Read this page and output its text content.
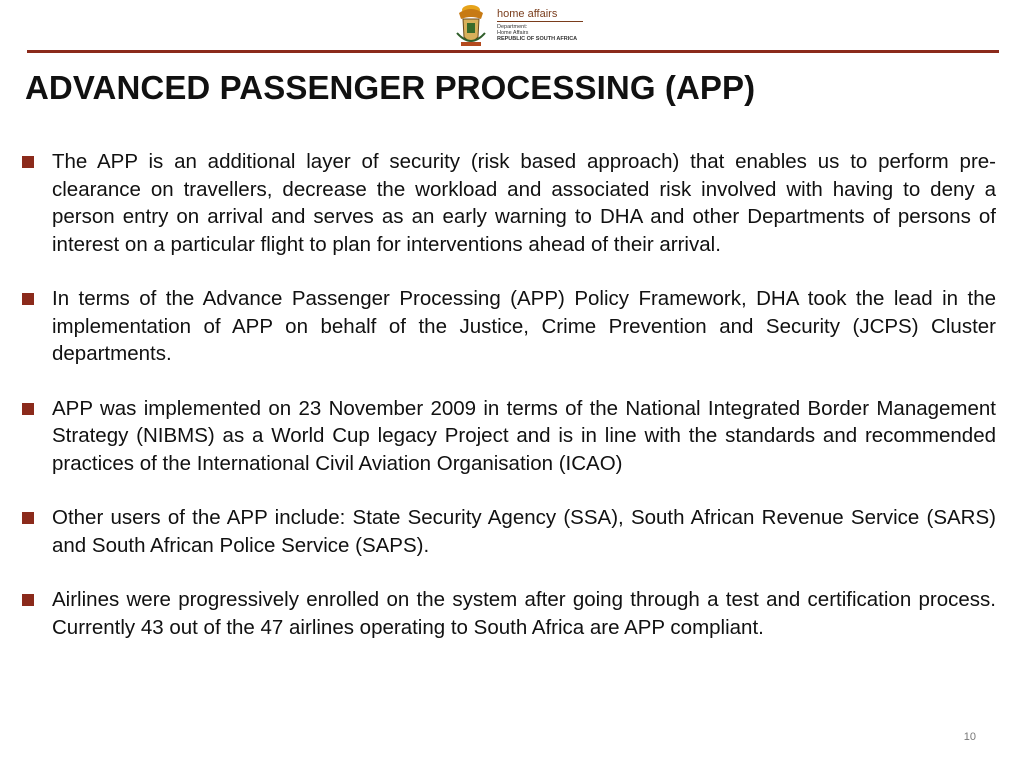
home affairs
Department:
Home Affairs
REPUBLIC OF SOUTH AFRICA
ADVANCED PASSENGER PROCESSING (APP)
The APP is an additional layer of security (risk based approach) that enables us to perform pre-clearance on travellers, decrease the workload and associated risk involved with having to deny a person entry on arrival and serves as an early warning to DHA and other Departments of persons of interest on a particular flight to plan for interventions ahead of their arrival.
In terms of the Advance Passenger Processing (APP) Policy Framework, DHA took the lead in the implementation of APP on behalf of the Justice, Crime Prevention and Security (JCPS) Cluster departments.
APP was implemented on 23 November 2009 in terms of the National Integrated Border Management Strategy (NIBMS) as a World Cup legacy Project and is in line with the standards and recommended practices of the International Civil Aviation Organisation (ICAO)
Other users of the APP include: State Security Agency (SSA), South African Revenue Service (SARS) and South African Police Service (SAPS).
Airlines were progressively enrolled on the system after going through a test and certification process. Currently 43 out of the 47 airlines operating to South Africa are APP compliant.
10
